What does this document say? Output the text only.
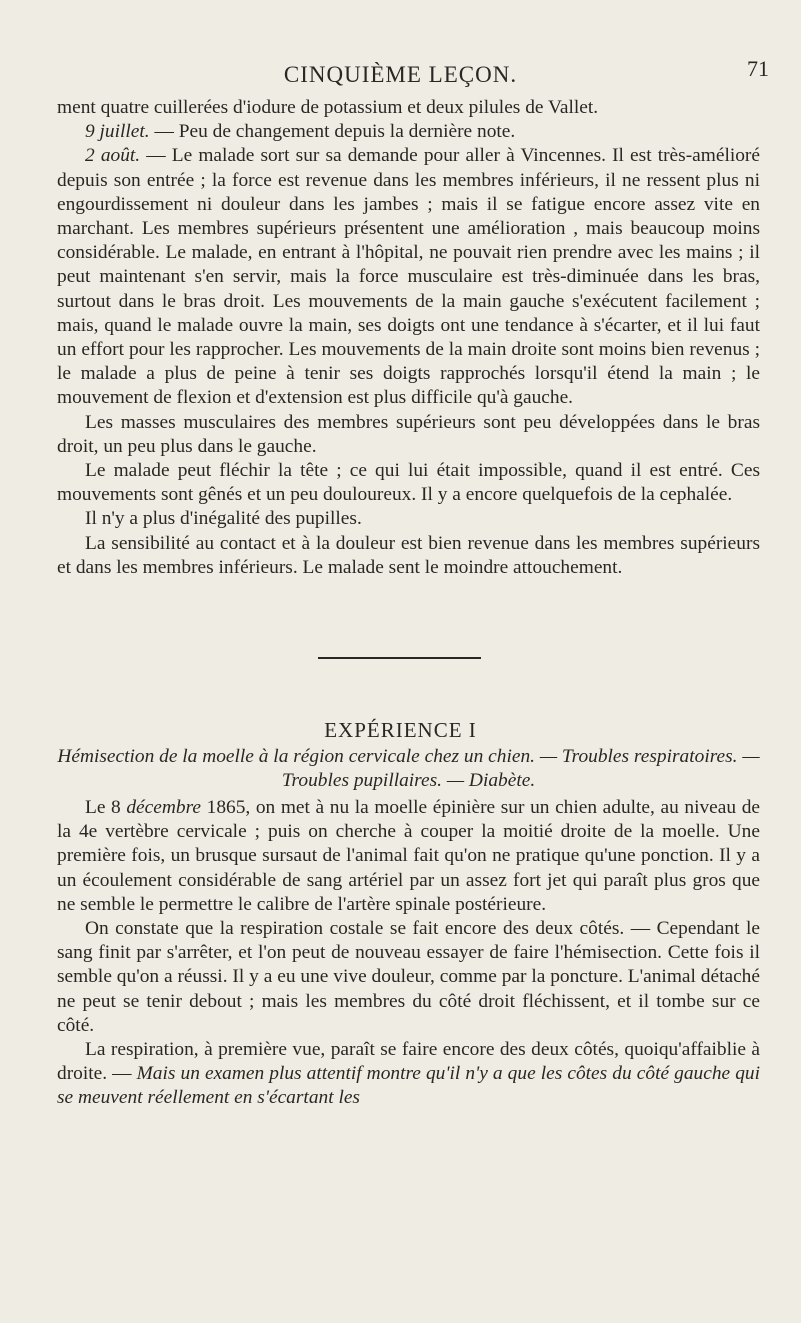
CINQUIÈME LEÇON.	71

ment quatre cuillerées d'iodure de potassium et deux pilules de Vallet.

9 juillet. — Peu de changement depuis la dernière note.

2 août. — Le malade sort sur sa demande pour aller à Vincennes. Il est très-amélioré depuis son entrée ; la force est revenue dans les membres inférieurs, il ne ressent plus ni engourdissement ni douleur dans les jambes ; mais il se fatigue encore assez vite en marchant. Les membres supérieurs présentent une amélioration , mais beaucoup moins considérable. Le malade, en entrant à l'hôpital, ne pouvait rien prendre avec les mains ; il peut maintenant s'en servir, mais la force musculaire est très-diminuée dans les bras, surtout dans le bras droit. Les mouvements de la main gauche s'exécutent facilement ; mais, quand le malade ouvre la main, ses doigts ont une tendance à s'écarter, et il lui faut un effort pour les rapprocher. Les mouvements de la main droite sont moins bien revenus ; le malade a plus de peine à tenir ses doigts rapprochés lorsqu'il étend la main ; le mouvement de flexion et d'extension est plus difficile qu'à gauche.

Les masses musculaires des membres supérieurs sont peu développées dans le bras droit, un peu plus dans le gauche.

Le malade peut fléchir la tête ; ce qui lui était impossible, quand il est entré. Ces mouvements sont gênés et un peu douloureux. Il y a encore quelquefois de la cephalée.

Il n'y a plus d'inégalité des pupilles.

La sensibilité au contact et à la douleur est bien revenue dans les membres supérieurs et dans les membres inférieurs. Le malade sent le moindre attouchement.

EXPÉRIENCE I
Hémisection de la moelle à la région cervicale chez un chien. — Troubles respiratoires. — Troubles pupillaires. — Diabète.

Le 8 décembre 1865, on met à nu la moelle épinière sur un chien adulte, au niveau de la 4e vertèbre cervicale ; puis on cherche à couper la moitié droite de la moelle. Une première fois, un brusque sursaut de l'animal fait qu'on ne pratique qu'une ponction. Il y a un écoulement considérable de sang artériel par un assez fort jet qui paraît plus gros que ne semble le permettre le calibre de l'artère spinale postérieure.

On constate que la respiration costale se fait encore des deux côtés. — Cependant le sang finit par s'arrêter, et l'on peut de nouveau essayer de faire l'hémisection. Cette fois il semble qu'on a réussi. Il y a eu une vive douleur, comme par la poncture. L'animal détaché ne peut se tenir debout ; mais les membres du côté droit fléchissent, et il tombe sur ce côté.

La respiration, à première vue, paraît se faire encore des deux côtés, quoiqu'affaiblie à droite. — Mais un examen plus attentif montre qu'il n'y a que les côtes du côté gauche qui se meuvent réellement en s'écartant les
